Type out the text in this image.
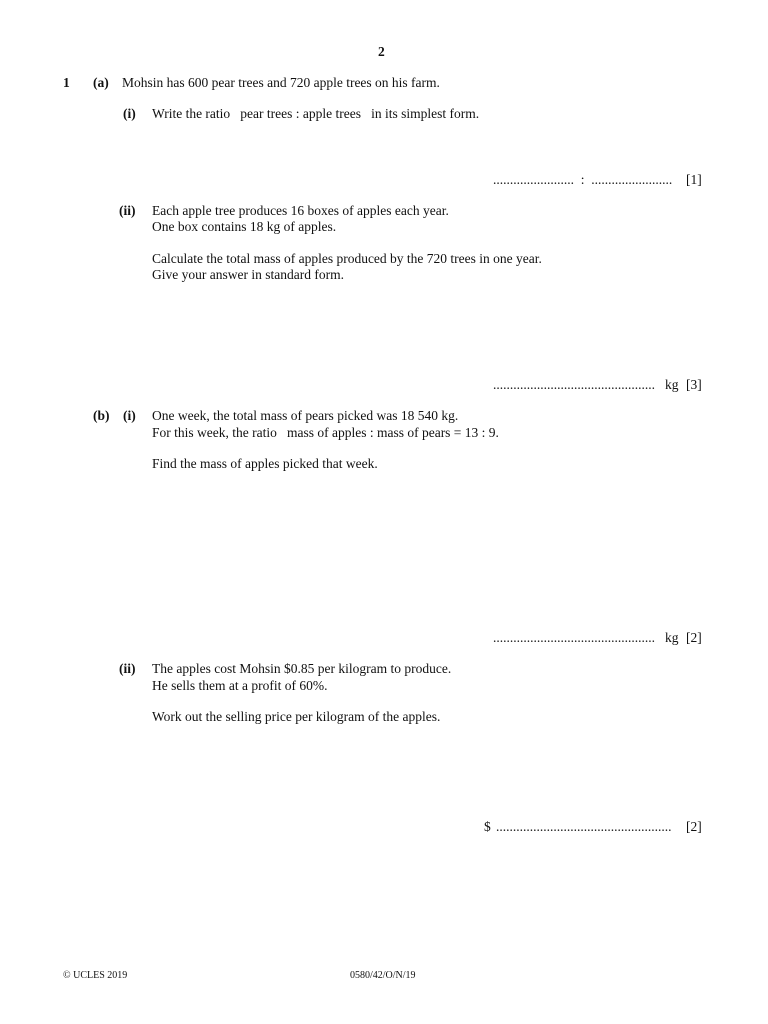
2
1 (a) Mohsin has 600 pear trees and 720 apple trees on his farm.
(i) Write the ratio   pear trees : apple trees   in its simplest form.
........................  :  ........................ [1]
(ii) Each apple tree produces 16 boxes of apples each year.
One box contains 18 kg of apples.
Calculate the total mass of apples produced by the 720 trees in one year.
Give your answer in standard form.
................................................ kg [3]
(b) (i) One week, the total mass of pears picked was 18 540 kg.
For this week, the ratio   mass of apples : mass of pears = 13 : 9.
Find the mass of apples picked that week.
................................................ kg [2]
(ii) The apples cost Mohsin $0.85 per kilogram to produce.
He sells them at a profit of 60%.
Work out the selling price per kilogram of the apples.
$ .................................................... [2]
© UCLES 2019	0580/42/O/N/19
